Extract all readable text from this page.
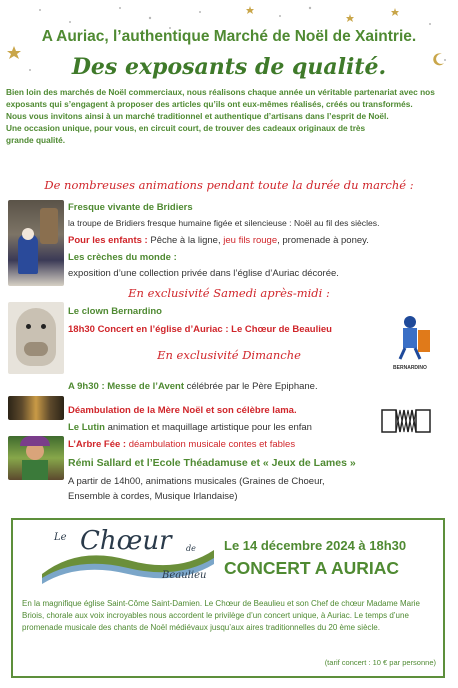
A Auriac, l’authentique Marché de Noël de Xaintrie.
Des exposants de qualité.

Bien loin des marchés de Noël commerciaux, nous réalisons chaque année un véritable partenariat avec nos exposants qui s’engagent à proposer des articles qu’ils ont eux-mêmes réalisés, créés ou transformés.

Nous vous invitons ainsi à un marché traditionnel et authentique d’artisans dans l’esprit de Noël.

Une occasion unique, pour vous, en circuit court, de trouver des cadeaux originaux de très grande qualité.

De nombreuses animations pendant toute la durée du marché :
Fresque vivante de Bridiers
la troupe de Bridiers fresque humaine figée et silencieuse : Noël au fil des siècles.
Pour les enfants : Pêche à la ligne, jeu fils rouge, promenade à poney.
Les crèches du monde :
exposition d’une collection privée dans l’église d’Auriac décorée.
En exclusivité Samedi après-midi :
Le clown Bernardino
18h30 Concert en l’église d’Auriac : Le Chœur de Beaulieu
BERNARDINO
En exclusivité Dimanche
A 9h30 : Messe de l’Avent célébrée par le Père Epiphane.
Déambulation de la Mère Noël et son célèbre lama.
Le Lutin animation et maquillage artistique pour les enfan
L’Arbre Fée : déambulation musicale contes et fables
Rémi Sallard et l’Ecole Théadamuse et « Jeux de Lames »
A partir de 14h00, animations musicales (Graines de Choeur,
Ensemble à cordes, Musique Irlandaise)
Le Chœur de
Beaulieu
Le 14 décembre 2024 à 18h30
CONCERT A AURIAC
En la magnifique église Saint-Côme Saint-Damien. Le Chœur de Beaulieu et son Chef de chœur Madame Marie Briois, chorale aux voix incroyables nous accordent le privilège d’un concert unique, à Auriac. Le temps d’une promenade musicale des chants de Noël médiévaux jusqu’aux aires traditionnelles du 20 ème siècle.
(tarif concert : 10 € par personne)
